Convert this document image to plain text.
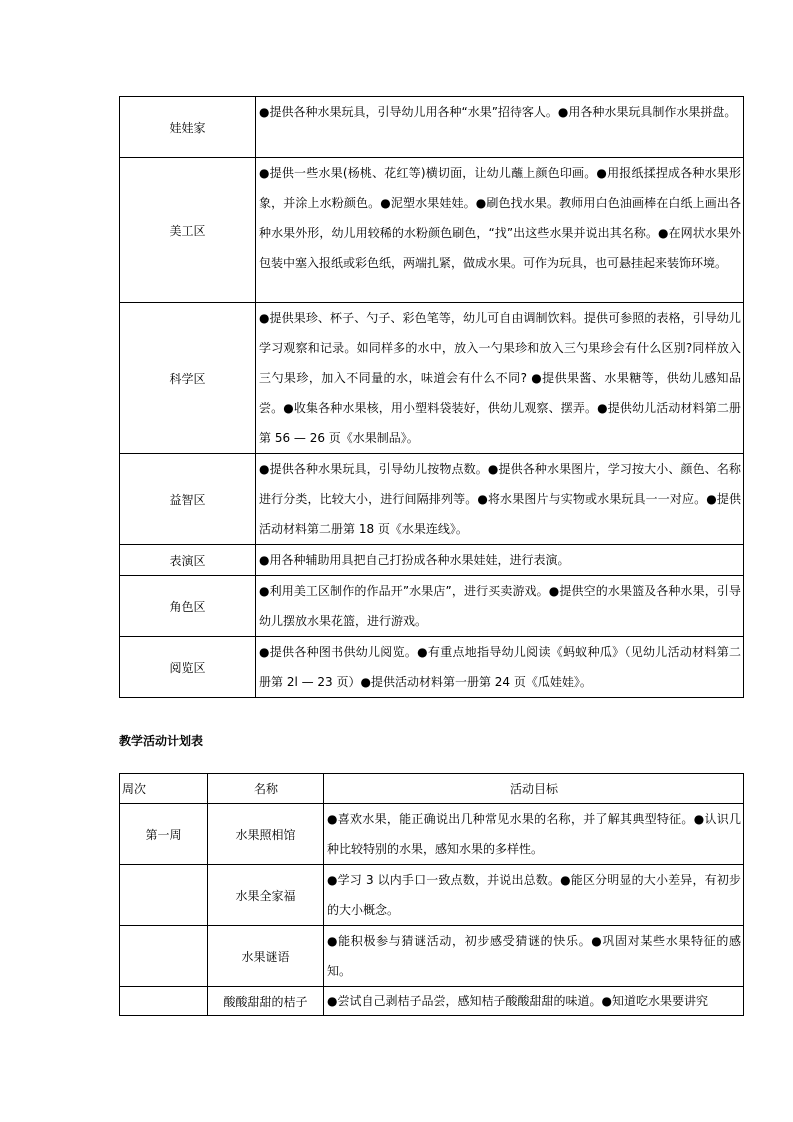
娃娃家	●提供各种水果玩具，引导幼儿用各种“水果”招待客人。●用各种水果玩具制作水果拼盘。

美工区	●提供一些水果(杨桃、花红等)横切面，让幼儿蘸上颜色印画。●用报纸揉捏成各种水果形象，并涂上水粉颜色。●泥塑水果娃娃。●刷色找水果。教师用白色油画棒在白纸上画出各种水果外形，幼儿用较稀的水粉颜色刷色，“找”出这些水果并说出其名称。●在网状水果外包装中塞入报纸或彩色纸，两端扎紧，做成水果。可作为玩具，也可悬挂起来装饰环境。

科学区	●提供果珍、杯子、勺子、彩色笔等，幼儿可自由调制饮料。提供可参照的表格，引导幼儿学习观察和记录。如同样多的水中，放入一勺果珍和放入三勺果珍会有什么区别?同样放入三勺果珍，加入不同量的水，味道会有什么不同? ●提供果酱、水果糖等，供幼儿感知品尝。●收集各种水果核，用小塑料袋装好，供幼儿观察、摆弄。●提供幼儿活动材料第二册第 56 — 26 页《水果制品》。

益智区	●提供各种水果玩具，引导幼儿按物点数。●提供各种水果图片，学习按大小、颜色、名称进行分类，比较大小，进行间隔排列等。●将水果图片与实物或水果玩具一一对应。●提供活动材料第二册第 18 页《水果连线》。

表演区	●用各种辅助用具把自己打扮成各种水果娃娃，进行表演。

角色区	●利用美工区制作的作品开”水果店”，进行买卖游戏。●提供空的水果篮及各种水果，引导幼儿摆放水果花篮，进行游戏。

阅览区	●提供各种图书供幼儿阅览。●有重点地指导幼儿阅读《蚂蚁种瓜》（见幼儿活动材料第二册第 2l — 23 页）●提供活动材料第一册第 24 页《瓜娃娃》。
教学活动计划表
周次	名称	活动目标
第一周	水果照相馆	●喜欢水果，能正确说出几种常见水果的名称，并了解其典型特征。●认识几种比较特别的水果，感知水果的多样性。

	水果全家福	●学习 3 以内手口一致点数，并说出总数。●能区分明显的大小差异，有初步的大小概念。

	水果谜语	●能积极参与猜谜活动，初步感受猜谜的快乐。●巩固对某些水果特征的感知。

	酸酸甜甜的桔子	●尝试自己剥桔子品尝，感知桔子酸酸甜甜的味道。●知道吃水果要讲究
